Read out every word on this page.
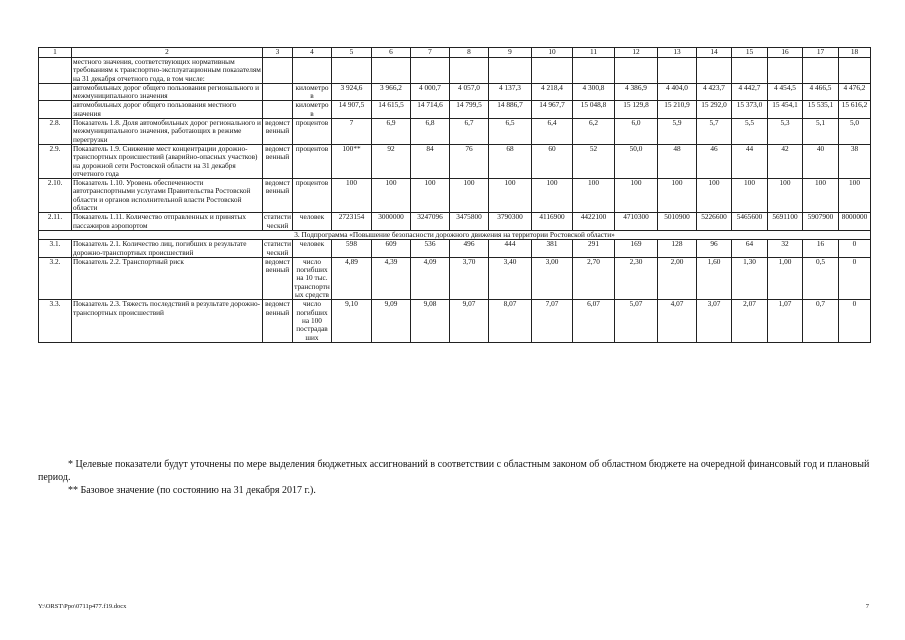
1	2	3	4	5	6	7	8	9	10	11	12	13	14	15	16	17	18
	местного значения, соответствующих нормативным требованиям к транспортно-эксплуатационным показателям на 31 декабря отчетного года, в том числе:																
	автомобильных дорог общего пользования регионального и межмуниципального значения		километров	3 924,6	3 966,2	4 000,7	4 057,0	4 137,3	4 218,4	4 300,8	4 386,9	4 404,0	4 423,7	4 442,7	4 454,5	4 466,5	4 476,2
	автомобильных дорог общего пользования местного значения		километров	14 907,5	14 615,5	14 714,6	14 799,5	14 886,7	14 967,7	15 048,8	15 129,8	15 210,9	15 292,0	15 373,0	15 454,1	15 535,1	15 616,2
2.8.	Показатель 1.8. Доля автомобильных дорог регионального и межмуниципального значения, работающих в режиме перегрузки	ведомственный	процентов	7	6,9	6,8	6,7	6,5	6,4	6,2	6,0	5,9	5,7	5,5	5,3	5,1	5,0
2.9.	Показатель 1.9. Снижение мест концентрации дорожно-транспортных происшествий (аварийно-опасных участков) на дорожной сети Ростовской области на 31 декабря отчетного года	ведомственный	процентов	100**	92	84	76	68	60	52	50,0	48	46	44	42	40	38
2.10.	Показатель 1.10. Уровень обеспеченности автотранспортными услугами Правительства Ростовской области и органов исполнительной власти Ростовской области	ведомственный	процентов	100	100	100	100	100	100	100	100	100	100	100	100	100	100
2.11.	Показатель 1.11. Количество отправленных и принятых пассажиров аэропортом	статистический	человек	2723154	3000000	3247096	3475800	3790300	4116900	4422100	4710300	5010900	5226600	5465600	5691100	5907900	8000000
3. Подпрограмма «Повышение безопасности дорожного движения на территории Ростовской области»																	
3.1.	Показатель 2.1. Количество лиц, погибших в результате дорожно-транспортных происшествий	статистический	человек	598	609	536	496	444	381	291	169	128	96	64	32	16	0
3.2.	Показатель 2.2. Транспортный риск	ведомственный	число погибших на 10 тыс. транспортных средств	4,89	4,39	4,09	3,70	3,40	3,00	2,70	2,30	2,00	1,60	1,30	1,00	0,5	0
3.3.	Показатель 2.3. Тяжесть последствий в результате дорожно-транспортных происшествий	ведомственный	число погибших на 100 пострадавших	9,10	9,09	9,08	9,07	8,07	7,07	6,07	5,07	4,07	3,07	2,07	1,07	0,7	0

* Целевые показатели будут уточнены по мере выделения бюджетных ассигнований в соответствии с областным законом об областном бюджете на очередной финансовый год и плановый период.

** Базовое значение (по состоянию на 31 декабря 2017 г.).

Y:\ORST\Ppo\0711p477.f19.docx	7
